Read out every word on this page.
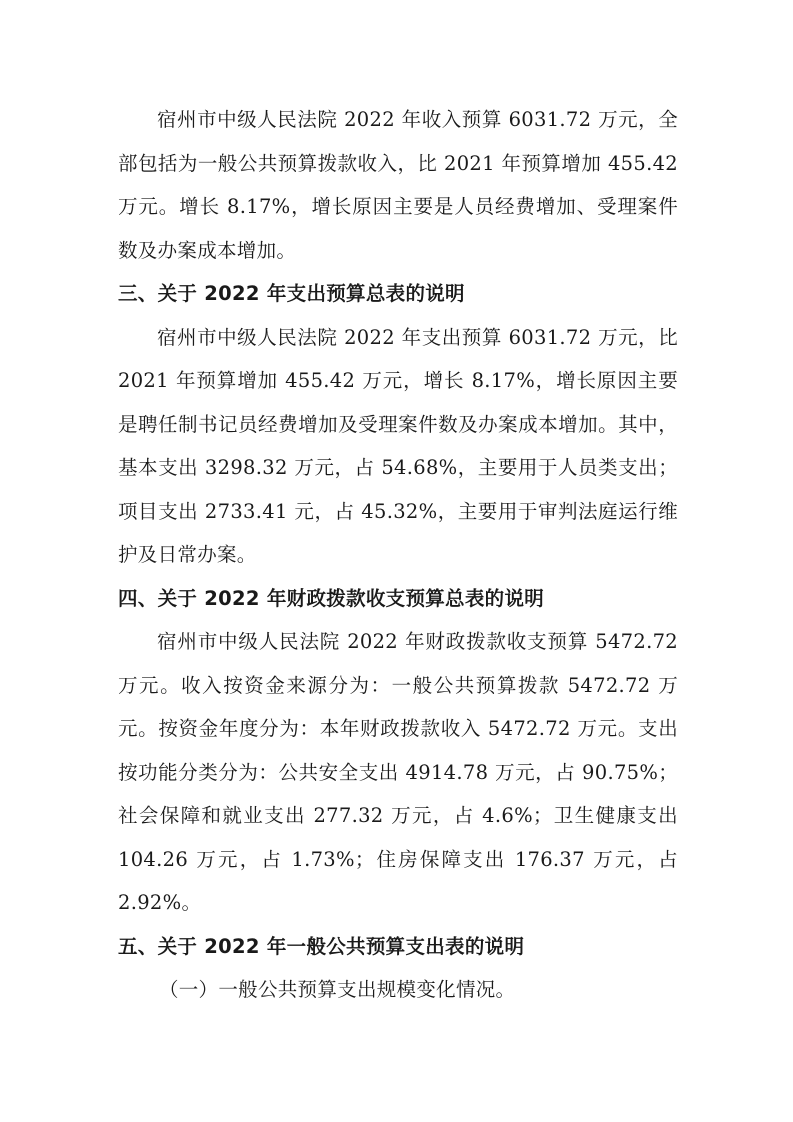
宿州市中级人民法院 2022 年收入预算 6031.72 万元，全部包括为一般公共预算拨款收入，比 2021 年预算增加 455.42 万元。增长 8.17%，增长原因主要是人员经费增加、受理案件数及办案成本增加。

三、关于 2022 年支出预算总表的说明

宿州市中级人民法院 2022 年支出预算 6031.72 万元，比 2021 年预算增加 455.42 万元，增长 8.17%，增长原因主要是聘任制书记员经费增加及受理案件数及办案成本增加。其中，基本支出 3298.32 万元，占 54.68%，主要用于人员类支出；项目支出 2733.41 元，占 45.32%，主要用于审判法庭运行维护及日常办案。

四、关于 2022 年财政拨款收支预算总表的说明

宿州市中级人民法院 2022 年财政拨款收支预算 5472.72 万元。收入按资金来源分为：一般公共预算拨款 5472.72 万元。按资金年度分为：本年财政拨款收入 5472.72 万元。支出按功能分类分为：公共安全支出 4914.78 万元，占 90.75%；社会保障和就业支出 277.32 万元，占 4.6%；卫生健康支出 104.26 万元，占 1.73%；住房保障支出 176.37 万元，占 2.92%。

五、关于 2022 年一般公共预算支出表的说明

（一）一般公共预算支出规模变化情况。
